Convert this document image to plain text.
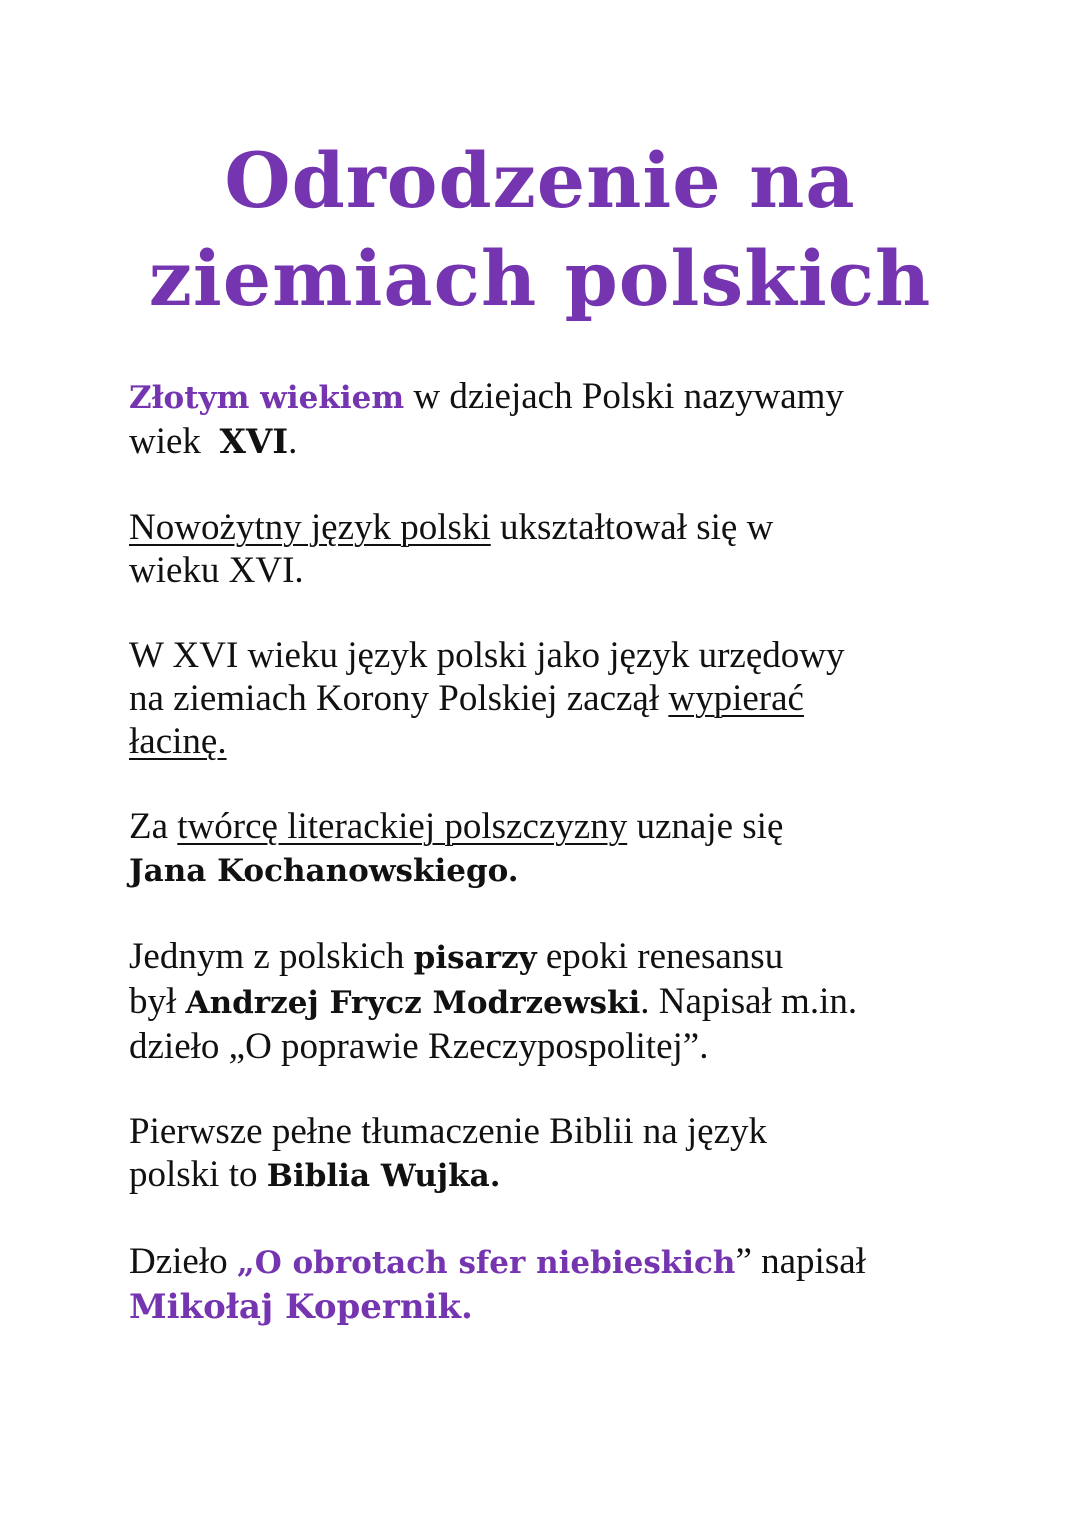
Odrodzenie na
ziemiach polskich

Złotym wiekiem w dziejach Polski nazywamy
wiek  XVI.

Nowożytny język polski ukształtował się w
wieku XVI.

W XVI wieku język polski jako język urzędowy
na ziemiach Korony Polskiej zaczął wypierać
łacinę.

Za twórcę literackiej polszczyzny uznaje się
Jana Kochanowskiego.

Jednym z polskich pisarzy epoki renesansu
był Andrzej Frycz Modrzewski. Napisał m.in.
dzieło „O poprawie Rzeczypospolitej”.

Pierwsze pełne tłumaczenie Biblii na język
polski to Biblia Wujka.

Dzieło „O obrotach sfer niebieskich” napisał
Mikołaj Kopernik.
